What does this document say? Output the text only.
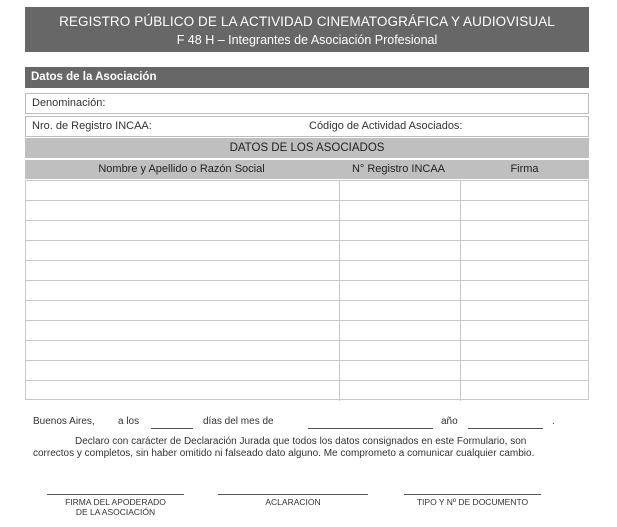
REGISTRO PÚBLICO DE LA ACTIVIDAD CINEMATOGRÁFICA Y AUDIOVISUAL
F 48 H – Integrantes de Asociación Profesional
Datos de la Asociación
Denominación:
Nro. de Registro INCAA:	Código de Actividad Asociados:
DATOS DE LOS ASOCIADOS
Nombre y Apellido o Razón Social	N° Registro INCAA	Firma
Buenos Aires, a los	días del mes de	año	.
Declaro con carácter de Declaración Jurada que todos los datos consignados en este Formulario, son
correctos y completos, sin haber omitido ni falseado dato alguno. Me comprometo a comunicar cualquier cambio.
FIRMA DEL APODERADO
DE LA ASOCIACIÓN
ACLARACION	TIPO Y Nº DE DOCUMENTO
